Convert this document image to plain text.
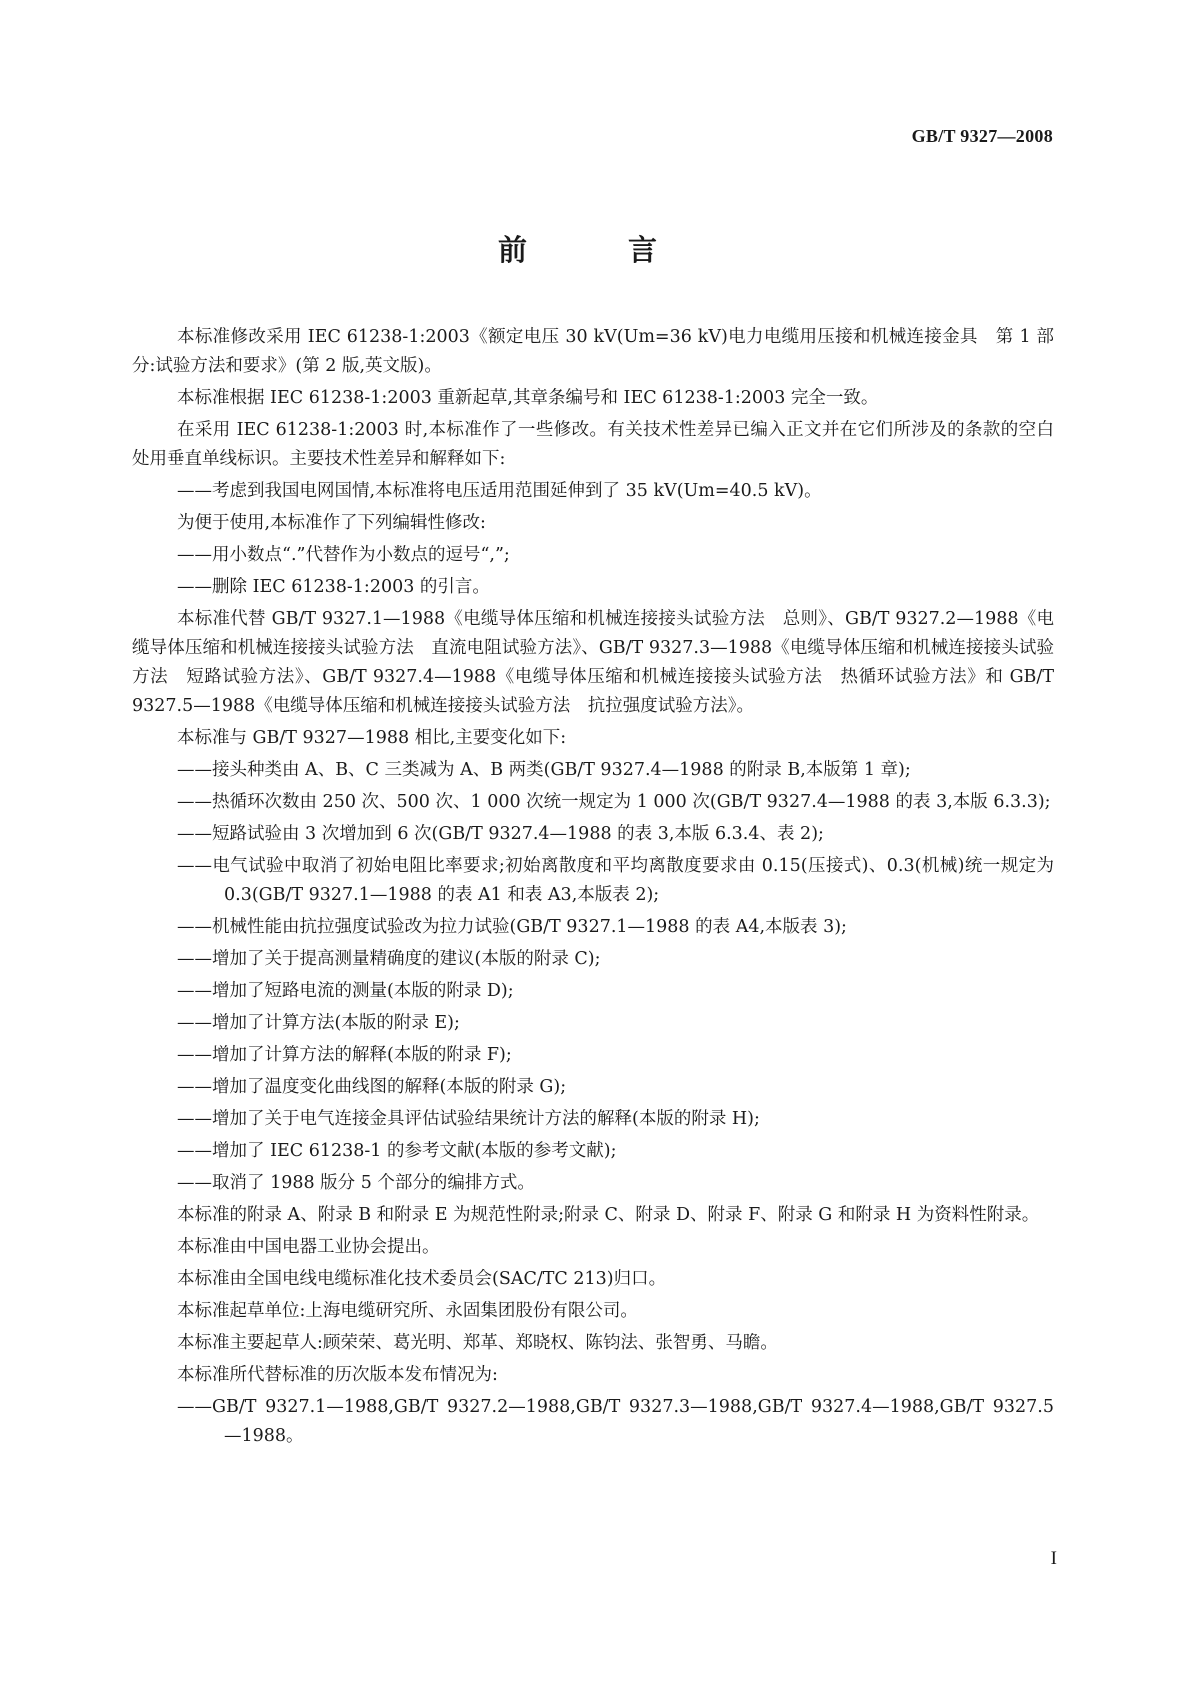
GB/T 9327—2008
前　言

本标准修改采用 IEC 61238-1:2003《额定电压 30 kV(Um=36 kV)电力电缆用压接和机械连接金具　第 1 部分:试验方法和要求》(第 2 版,英文版)。

本标准根据 IEC 61238-1:2003 重新起草,其章条编号和 IEC 61238-1:2003 完全一致。

在采用 IEC 61238-1:2003 时,本标准作了一些修改。有关技术性差异已编入正文并在它们所涉及的条款的空白处用垂直单线标识。主要技术性差异和解释如下:

——考虑到我国电网国情,本标准将电压适用范围延伸到了 35 kV(Um=40.5 kV)。

为便于使用,本标准作了下列编辑性修改:

——用小数点“.”代替作为小数点的逗号“,”;

——删除 IEC 61238-1:2003 的引言。

本标准代替 GB/T 9327.1—1988《电缆导体压缩和机械连接接头试验方法　总则》、GB/T 9327.2—1988《电缆导体压缩和机械连接接头试验方法　直流电阻试验方法》、GB/T 9327.3—1988《电缆导体压缩和机械连接接头试验方法　短路试验方法》、GB/T 9327.4—1988《电缆导体压缩和机械连接接头试验方法　热循环试验方法》和 GB/T 9327.5—1988《电缆导体压缩和机械连接接头试验方法　抗拉强度试验方法》。

本标准与 GB/T 9327—1988 相比,主要变化如下:

——接头种类由 A、B、C 三类减为 A、B 两类(GB/T 9327.4—1988 的附录 B,本版第 1 章);

——热循环次数由 250 次、500 次、1 000 次统一规定为 1 000 次(GB/T 9327.4—1988 的表 3,本版 6.3.3);

——短路试验由 3 次增加到 6 次(GB/T 9327.4—1988 的表 3,本版 6.3.4、表 2);

——电气试验中取消了初始电阻比率要求;初始离散度和平均离散度要求由 0.15(压接式)、0.3(机械)统一规定为 0.3(GB/T 9327.1—1988 的表 A1 和表 A3,本版表 2);

——机械性能由抗拉强度试验改为拉力试验(GB/T 9327.1—1988 的表 A4,本版表 3);

——增加了关于提高测量精确度的建议(本版的附录 C);

——增加了短路电流的测量(本版的附录 D);

——增加了计算方法(本版的附录 E);

——增加了计算方法的解释(本版的附录 F);

——增加了温度变化曲线图的解释(本版的附录 G);

——增加了关于电气连接金具评估试验结果统计方法的解释(本版的附录 H);

——增加了 IEC 61238-1 的参考文献(本版的参考文献);

——取消了 1988 版分 5 个部分的编排方式。

本标准的附录 A、附录 B 和附录 E 为规范性附录;附录 C、附录 D、附录 F、附录 G 和附录 H 为资料性附录。

本标准由中国电器工业协会提出。

本标准由全国电线电缆标准化技术委员会(SAC/TC 213)归口。

本标准起草单位:上海电缆研究所、永固集团股份有限公司。

本标准主要起草人:顾荣荣、葛光明、郑革、郑晓权、陈钧法、张智勇、马瞻。

本标准所代替标准的历次版本发布情况为:

——GB/T 9327.1—1988,GB/T 9327.2—1988,GB/T 9327.3—1988,GB/T 9327.4—1988,GB/T 9327.5—1988。

I
